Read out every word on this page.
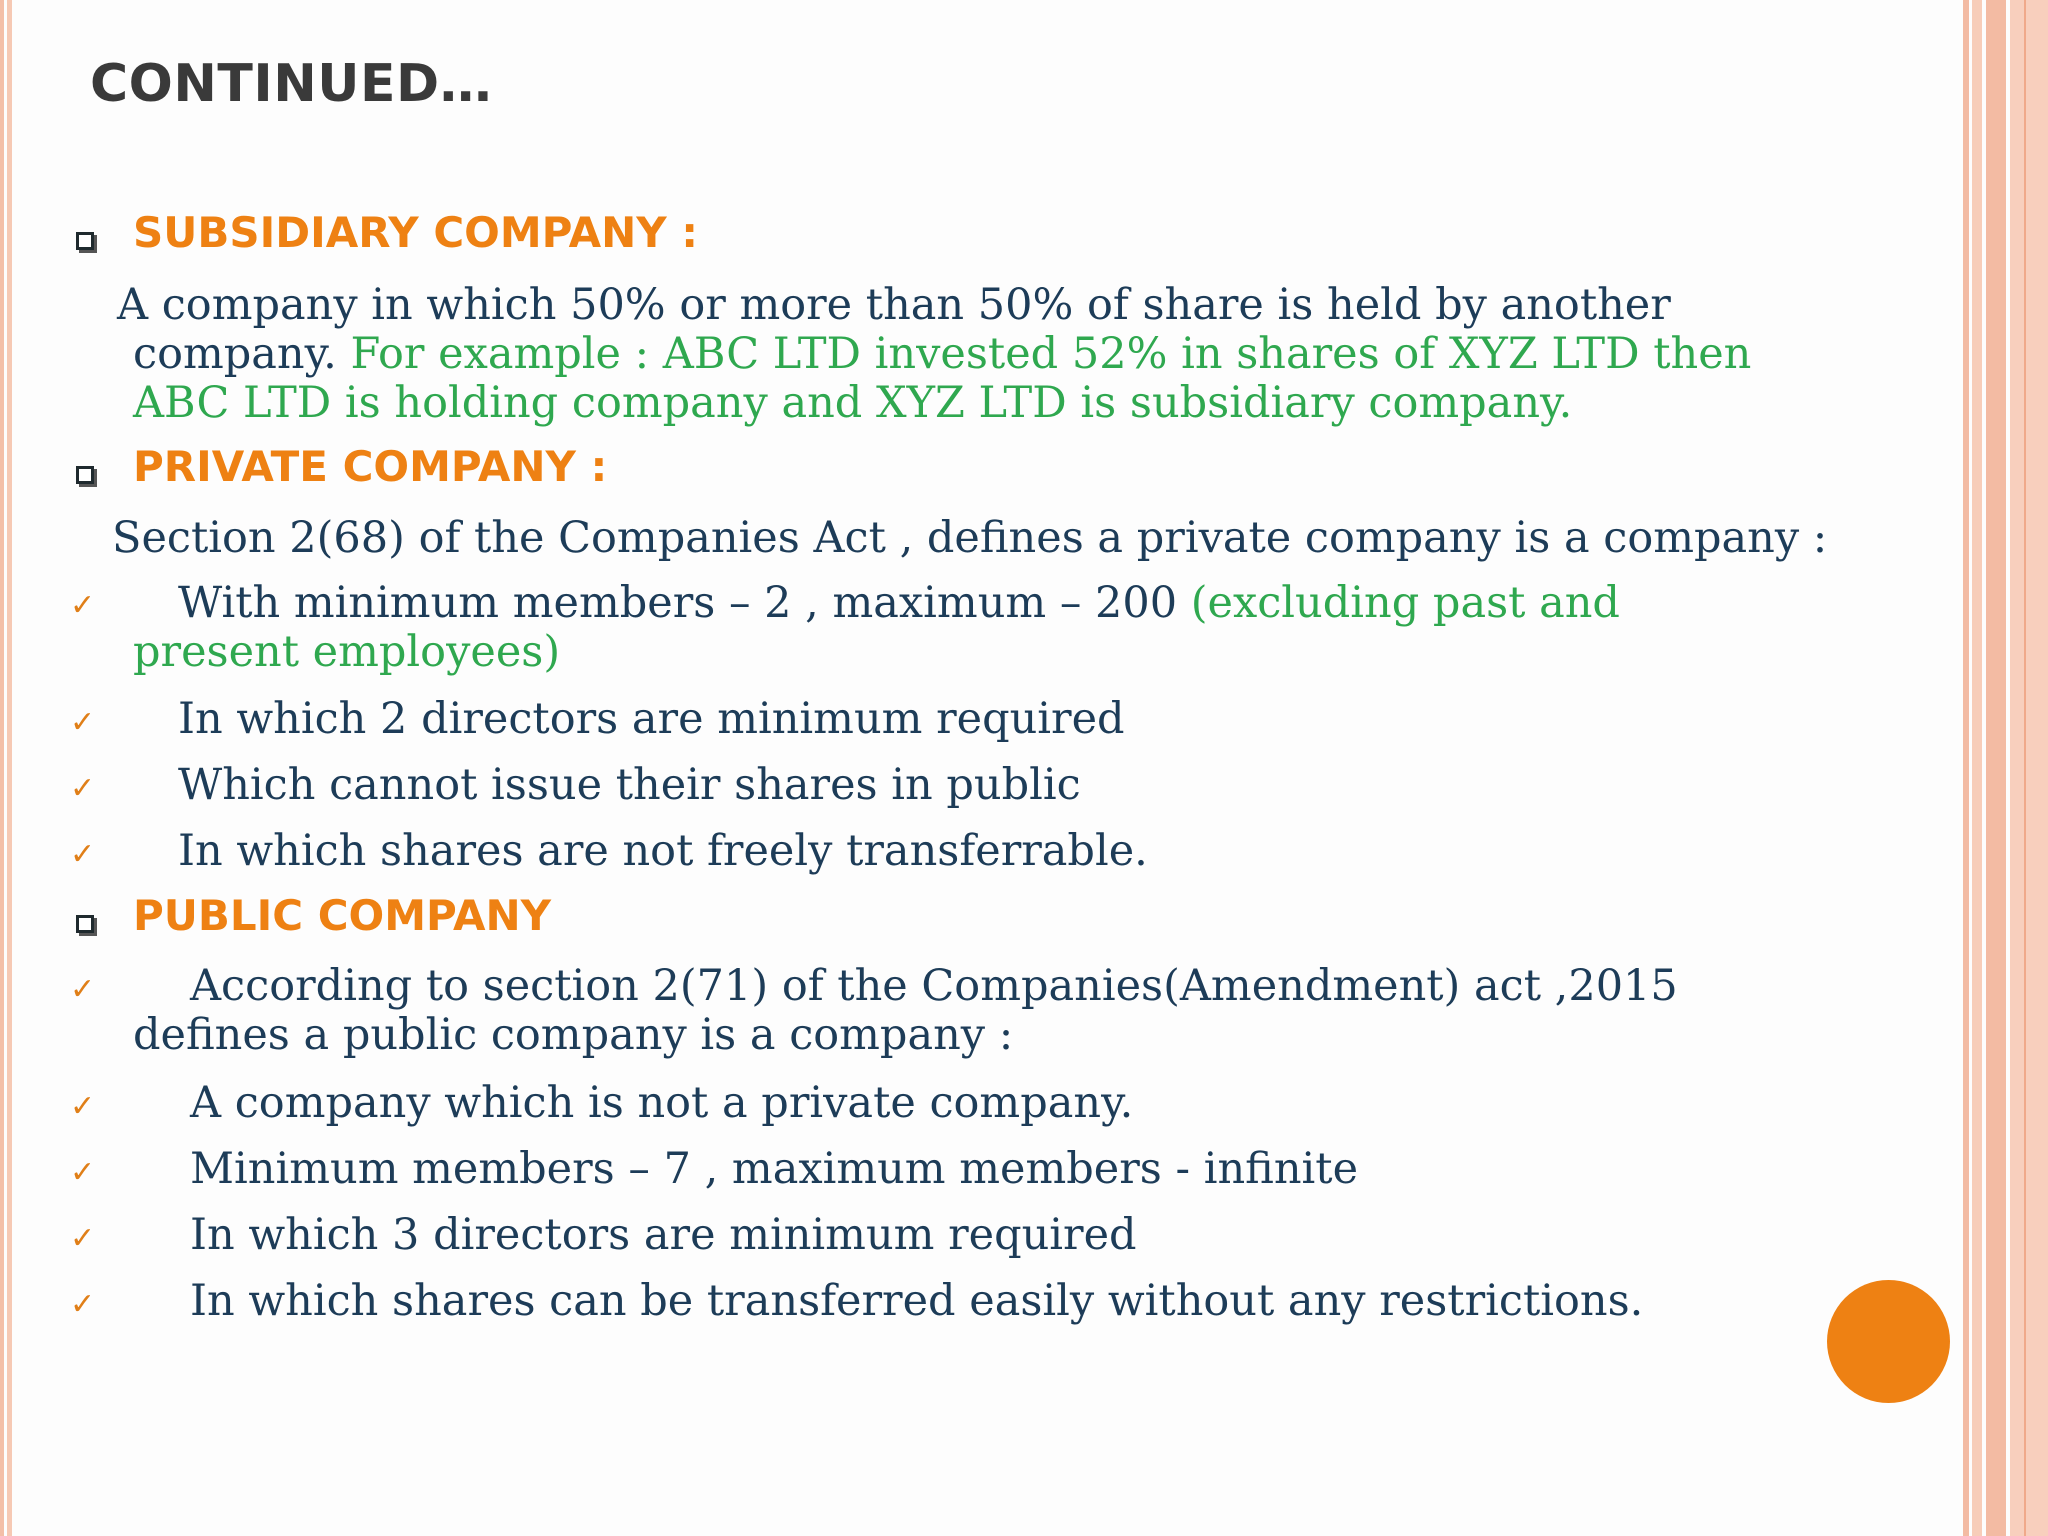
CONTINUED…
SUBSIDIARY COMPANY :
A company in which 50% or more than 50% of share is held by another
company. For example : ABC LTD invested 52% in shares of XYZ LTD then
ABC LTD is holding company and XYZ LTD is subsidiary company.
PRIVATE COMPANY :
Section 2(68) of the Companies Act , defines a private company is a company :
✓ With minimum members – 2 , maximum – 200 (excluding past and
present employees)
✓ In which 2 directors are minimum required
✓ Which cannot issue their shares in public
✓ In which shares are not freely transferrable.
PUBLIC COMPANY
✓ According to section 2(71) of the Companies(Amendment) act ,2015
defines a public company is a company :
✓ A company which is not a private company.
✓ Minimum members – 7 , maximum members - infinite
✓ In which 3 directors are minimum required
✓ In which shares can be transferred easily without any restrictions.
